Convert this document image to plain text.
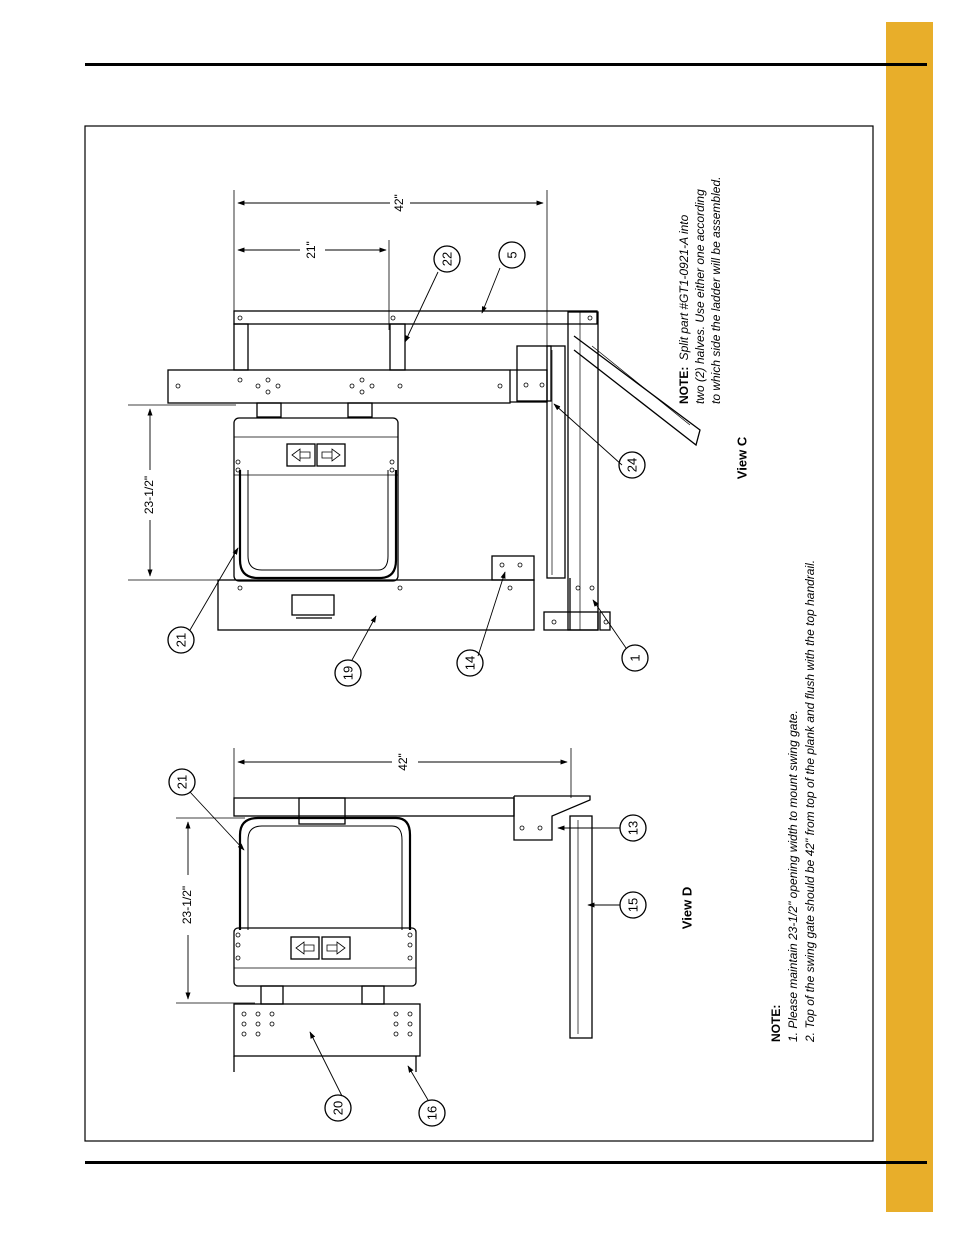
42"
21"
23-1/2"
View C
21
19
14	1
24
22	5
NOTE: Split part #GT1-0921-A into two (2) halves. Use either one according to which side the ladder will be assembled.
42"
23-1/2"	View D
21
13
15
20	16
NOTE: 1. Please maintain 23-1/2" opening width to mount swing gate. 2. Top of the swing gate should be 42" from top of the plank and flush with the top handrail.
